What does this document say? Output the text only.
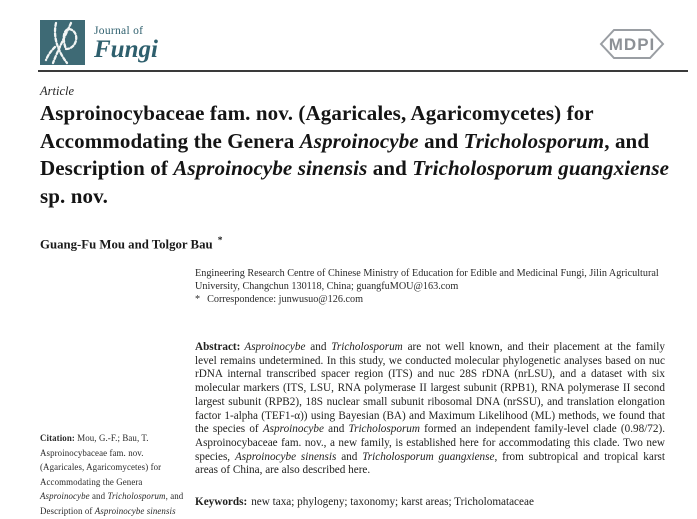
Journal of
Fungi	MDPI
Article
Asproinocybaceae fam. nov. (Agaricales, Agaricomycetes) for Accommodating the Genera Asproinocybe and Tricholosporum, and Description of Asproinocybe sinensis and Tricholosporum guangxiense sp. nov.
Guang-Fu Mou and Tolgor Bau *
Citation: Mou, G.-F.; Bau, T. Asproinocybaceae fam. nov. (Agaricales, Agaricomycetes) for Accommodating the Genera Asproinocybe and Tricholosporum, and Description of Asproinocybe sinensis
Engineering Research Centre of Chinese Ministry of Education for Edible and Medicinal Fungi, Jilin Agricultural University, Changchun 130118, China; guangfuMOU@163.com
* Correspondence: junwusuo@126.com

Abstract: Asproinocybe and Tricholosporum are not well known, and their placement at the family level remains undetermined. In this study, we conducted molecular phylogenetic analyses based on nuc rDNA internal transcribed spacer region (ITS) and nuc 28S rDNA (nrLSU), and a dataset with six molecular markers (ITS, LSU, RNA polymerase II largest subunit (RPB1), RNA polymerase II second largest subunit (RPB2), 18S nuclear small subunit ribosomal DNA (nrSSU), and translation elongation factor 1-alpha (TEF1-α)) using Bayesian (BA) and Maximum Likelihood (ML) methods, we found that the species of Asproinocybe and Tricholosporum formed an independent family-level clade (0.98/72). Asproinocybaceae fam. nov., a new family, is established here for accommodating this clade. Two new species, Asproinocybe sinensis and Tricholosporum guangxiense, from subtropical and tropical karst areas of China, are also described here.

Keywords: new taxa; phylogeny; taxonomy; karst areas; Tricholomataceae
